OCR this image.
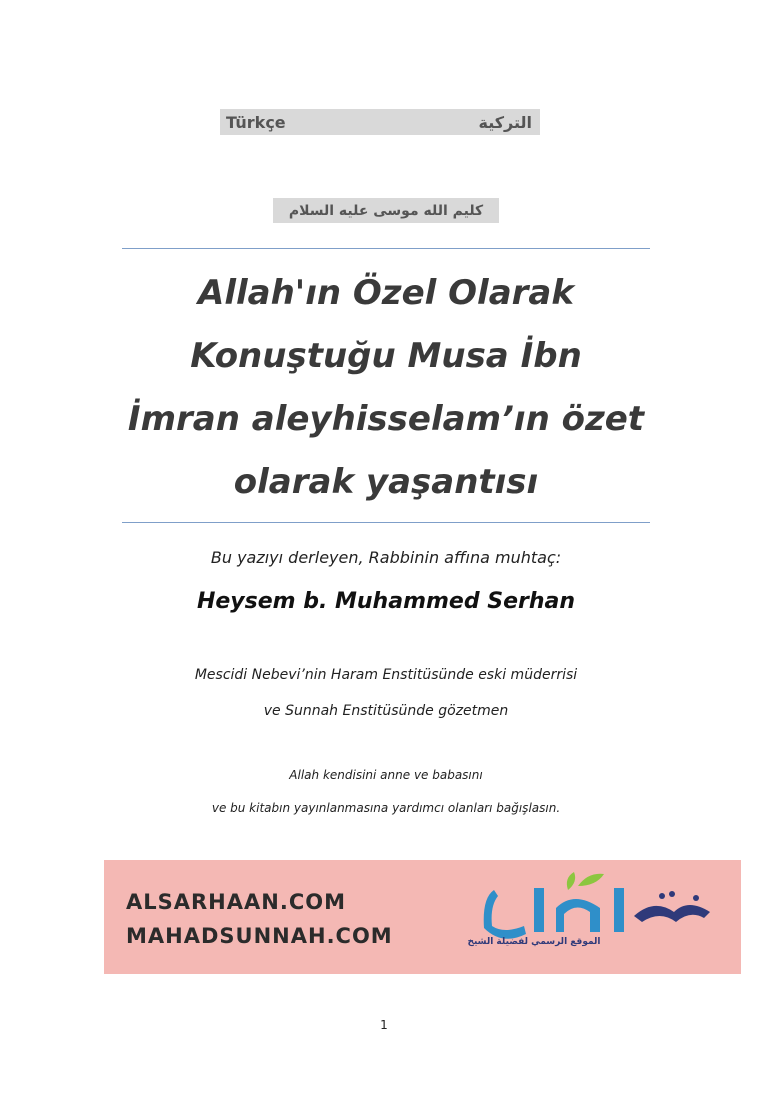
Türkçe	التركية
كليم الله موسى عليه السلام
Allah'ın Özel Olarak
Konuştuğu Musa İbn
İmran aleyhisselam’ın özet
olarak yaşantısı
Bu yazıyı derleyen, Rabbinin affına muhtaç:
Heysem b. Muhammed Serhan
Mescidi Nebevi’nin Haram Enstitüsünde eski müderrisi
ve Sunnah Enstitüsünde gözetmen
Allah kendisini anne ve babasını
ve bu kitabın yayınlanmasına yardımcı olanları bağışlasın.
ALSARHAAN.COM
MAHADSUNNAH.COM	الموقع الرسمي لفضيلة الشيخ
1
